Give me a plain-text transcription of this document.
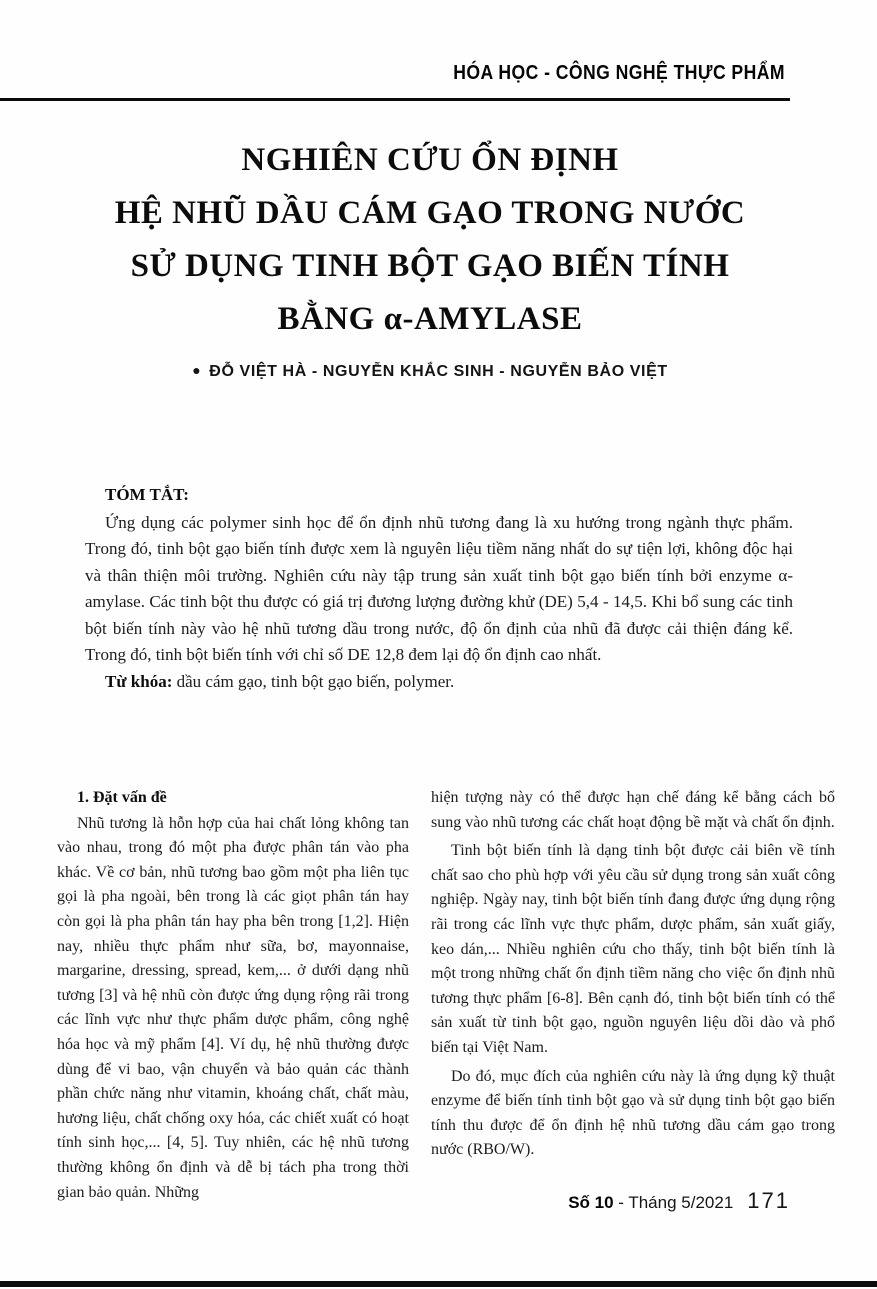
HÓA HỌC - CÔNG NGHỆ THỰC PHẨM
NGHIÊN CỨU ỔN ĐỊNH
HỆ NHŨ DẦU CÁM GẠO TRONG NƯỚC
SỬ DỤNG TINH BỘT GẠO BIẾN TÍNH
BẰNG α-AMYLASE
● ĐỖ VIỆT HÀ - NGUYỄN KHẮC SINH - NGUYỄN BẢO VIỆT

TÓM TẮT:

Ứng dụng các polymer sinh học để ổn định nhũ tương đang là xu hướng trong ngành thực phẩm. Trong đó, tinh bột gạo biến tính được xem là nguyên liệu tiềm năng nhất do sự tiện lợi, không độc hại và thân thiện môi trường. Nghiên cứu này tập trung sản xuất tinh bột gạo biến tính bởi enzyme α-amylase. Các tinh bột thu được có giá trị đương lượng đường khử (DE) 5,4 - 14,5. Khi bổ sung các tinh bột biến tính này vào hệ nhũ tương dầu trong nước, độ ổn định của nhũ đã được cải thiện đáng kể. Trong đó, tinh bột biến tính với chỉ số DE 12,8 đem lại độ ổn định cao nhất.

Từ khóa: dầu cám gạo, tinh bột gạo biến, polymer.

1. Đặt vấn đề

Nhũ tương là hỗn hợp của hai chất lỏng không tan vào nhau, trong đó một pha được phân tán vào pha khác. Về cơ bản, nhũ tương bao gồm một pha liên tục gọi là pha ngoài, bên trong là các giọt phân tán hay còn gọi là pha phân tán hay pha bên trong [1,2]. Hiện nay, nhiều thực phẩm như sữa, bơ, mayonnaise, margarine, dressing, spread, kem,... ở dưới dạng nhũ tương [3] và hệ nhũ còn được ứng dụng rộng rãi trong các lĩnh vực như thực phẩm dược phẩm, công nghệ hóa học và mỹ phẩm [4]. Ví dụ, hệ nhũ thường được dùng để vi bao, vận chuyển và bảo quản các thành phần chức năng như vitamin, khoáng chất, chất màu, hương liệu, chất chống oxy hóa, các chiết xuất có hoạt tính sinh học,... [4, 5]. Tuy nhiên, các hệ nhũ tương thường không ổn định và dễ bị tách pha trong thời gian bảo quản. Những

hiện tượng này có thể được hạn chế đáng kể bằng cách bổ sung vào nhũ tương các chất hoạt động bề mặt và chất ổn định.

Tinh bột biến tính là dạng tinh bột được cải biên về tính chất sao cho phù hợp với yêu cầu sử dụng trong sản xuất công nghiệp. Ngày nay, tinh bột biến tính đang được ứng dụng rộng rãi trong các lĩnh vực thực phẩm, dược phẩm, sản xuất giấy, keo dán,... Nhiều nghiên cứu cho thấy, tinh bột biến tính là một trong những chất ổn định tiềm năng cho việc ổn định nhũ tương thực phẩm [6-8]. Bên cạnh đó, tinh bột biến tính có thể sản xuất từ tinh bột gạo, nguồn nguyên liệu dồi dào và phổ biến tại Việt Nam.

Do đó, mục đích của nghiên cứu này là ứng dụng kỹ thuật enzyme để biến tính tinh bột gạo và sử dụng tinh bột gạo biến tính thu được để ổn định hệ nhũ tương dầu cám gạo trong nước (RBO/W).

Số 10 - Tháng 5/2021 171
